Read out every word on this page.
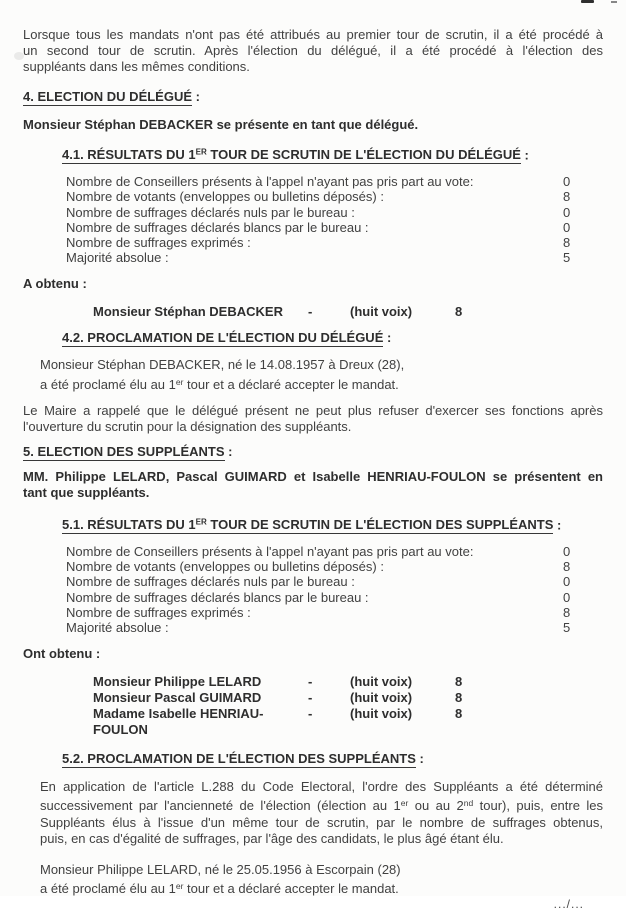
Lorsque tous les mandats n'ont pas été attribués au premier tour de scrutin, il a été procédé à
un second tour de scrutin. Après l'élection du délégué, il a été procédé à l'élection des
suppléants dans les mêmes conditions.
4. ELECTION DU DÉLÉGUÉ :
Monsieur Stéphan DEBACKER se présente en tant que délégué.
4.1. RÉSULTATS DU 1ER TOUR DE SCRUTIN DE L'ÉLECTION DU DÉLÉGUÉ :
Nombre de Conseillers présents à l'appel n'ayant pas pris part au vote:	0
Nombre de votants (enveloppes ou bulletins déposés) :	8
Nombre de suffrages déclarés nuls par le bureau :	0
Nombre de suffrages déclarés blancs par le bureau :	0
Nombre de suffrages exprimés :	8
Majorité absolue :	5
A obtenu :
Monsieur Stéphan DEBACKER	-	(huit voix)	8
4.2. PROCLAMATION DE L'ÉLECTION DU DÉLÉGUÉ :
Monsieur Stéphan DEBACKER, né le 14.08.1957 à Dreux (28),
a été proclamé élu au 1er tour et a déclaré accepter le mandat.
Le Maire a rappelé que le délégué présent ne peut plus refuser d'exercer ses fonctions après
l'ouverture du scrutin pour la désignation des suppléants.
5. ELECTION DES SUPPLÉANTS :
MM. Philippe LELARD, Pascal GUIMARD et Isabelle HENRIAU-FOULON se présentent en
tant que suppléants.
5.1. RÉSULTATS DU 1ER TOUR DE SCRUTIN DE L'ÉLECTION DES SUPPLÉANTS :
Nombre de Conseillers présents à l'appel n'ayant pas pris part au vote:	0
Nombre de votants (enveloppes ou bulletins déposés) :	8
Nombre de suffrages déclarés nuls par le bureau :	0
Nombre de suffrages déclarés blancs par le bureau :	0
Nombre de suffrages exprimés :	8
Majorité absolue :	5
Ont obtenu :
Monsieur Philippe LELARD	-	(huit voix)	8
Monsieur Pascal GUIMARD	-	(huit voix)	8
Madame Isabelle HENRIAU-FOULON
-	(huit voix)	8
5.2. PROCLAMATION DE L'ÉLECTION DES SUPPLÉANTS :
En application de l'article L.288 du Code Electoral, l'ordre des Suppléants a été déterminé
successivement par l'ancienneté de l'élection (élection au 1er ou au 2nd tour), puis, entre les
Suppléants élus à l'issue d'un même tour de scrutin, par le nombre de suffrages obtenus,
puis, en cas d'égalité de suffrages, par l'âge des candidats, le plus âgé étant élu.
Monsieur Philippe LELARD, né le 25.05.1956 à Escorpain (28)
a été proclamé élu au 1er tour et a déclaré accepter le mandat.
.../...
